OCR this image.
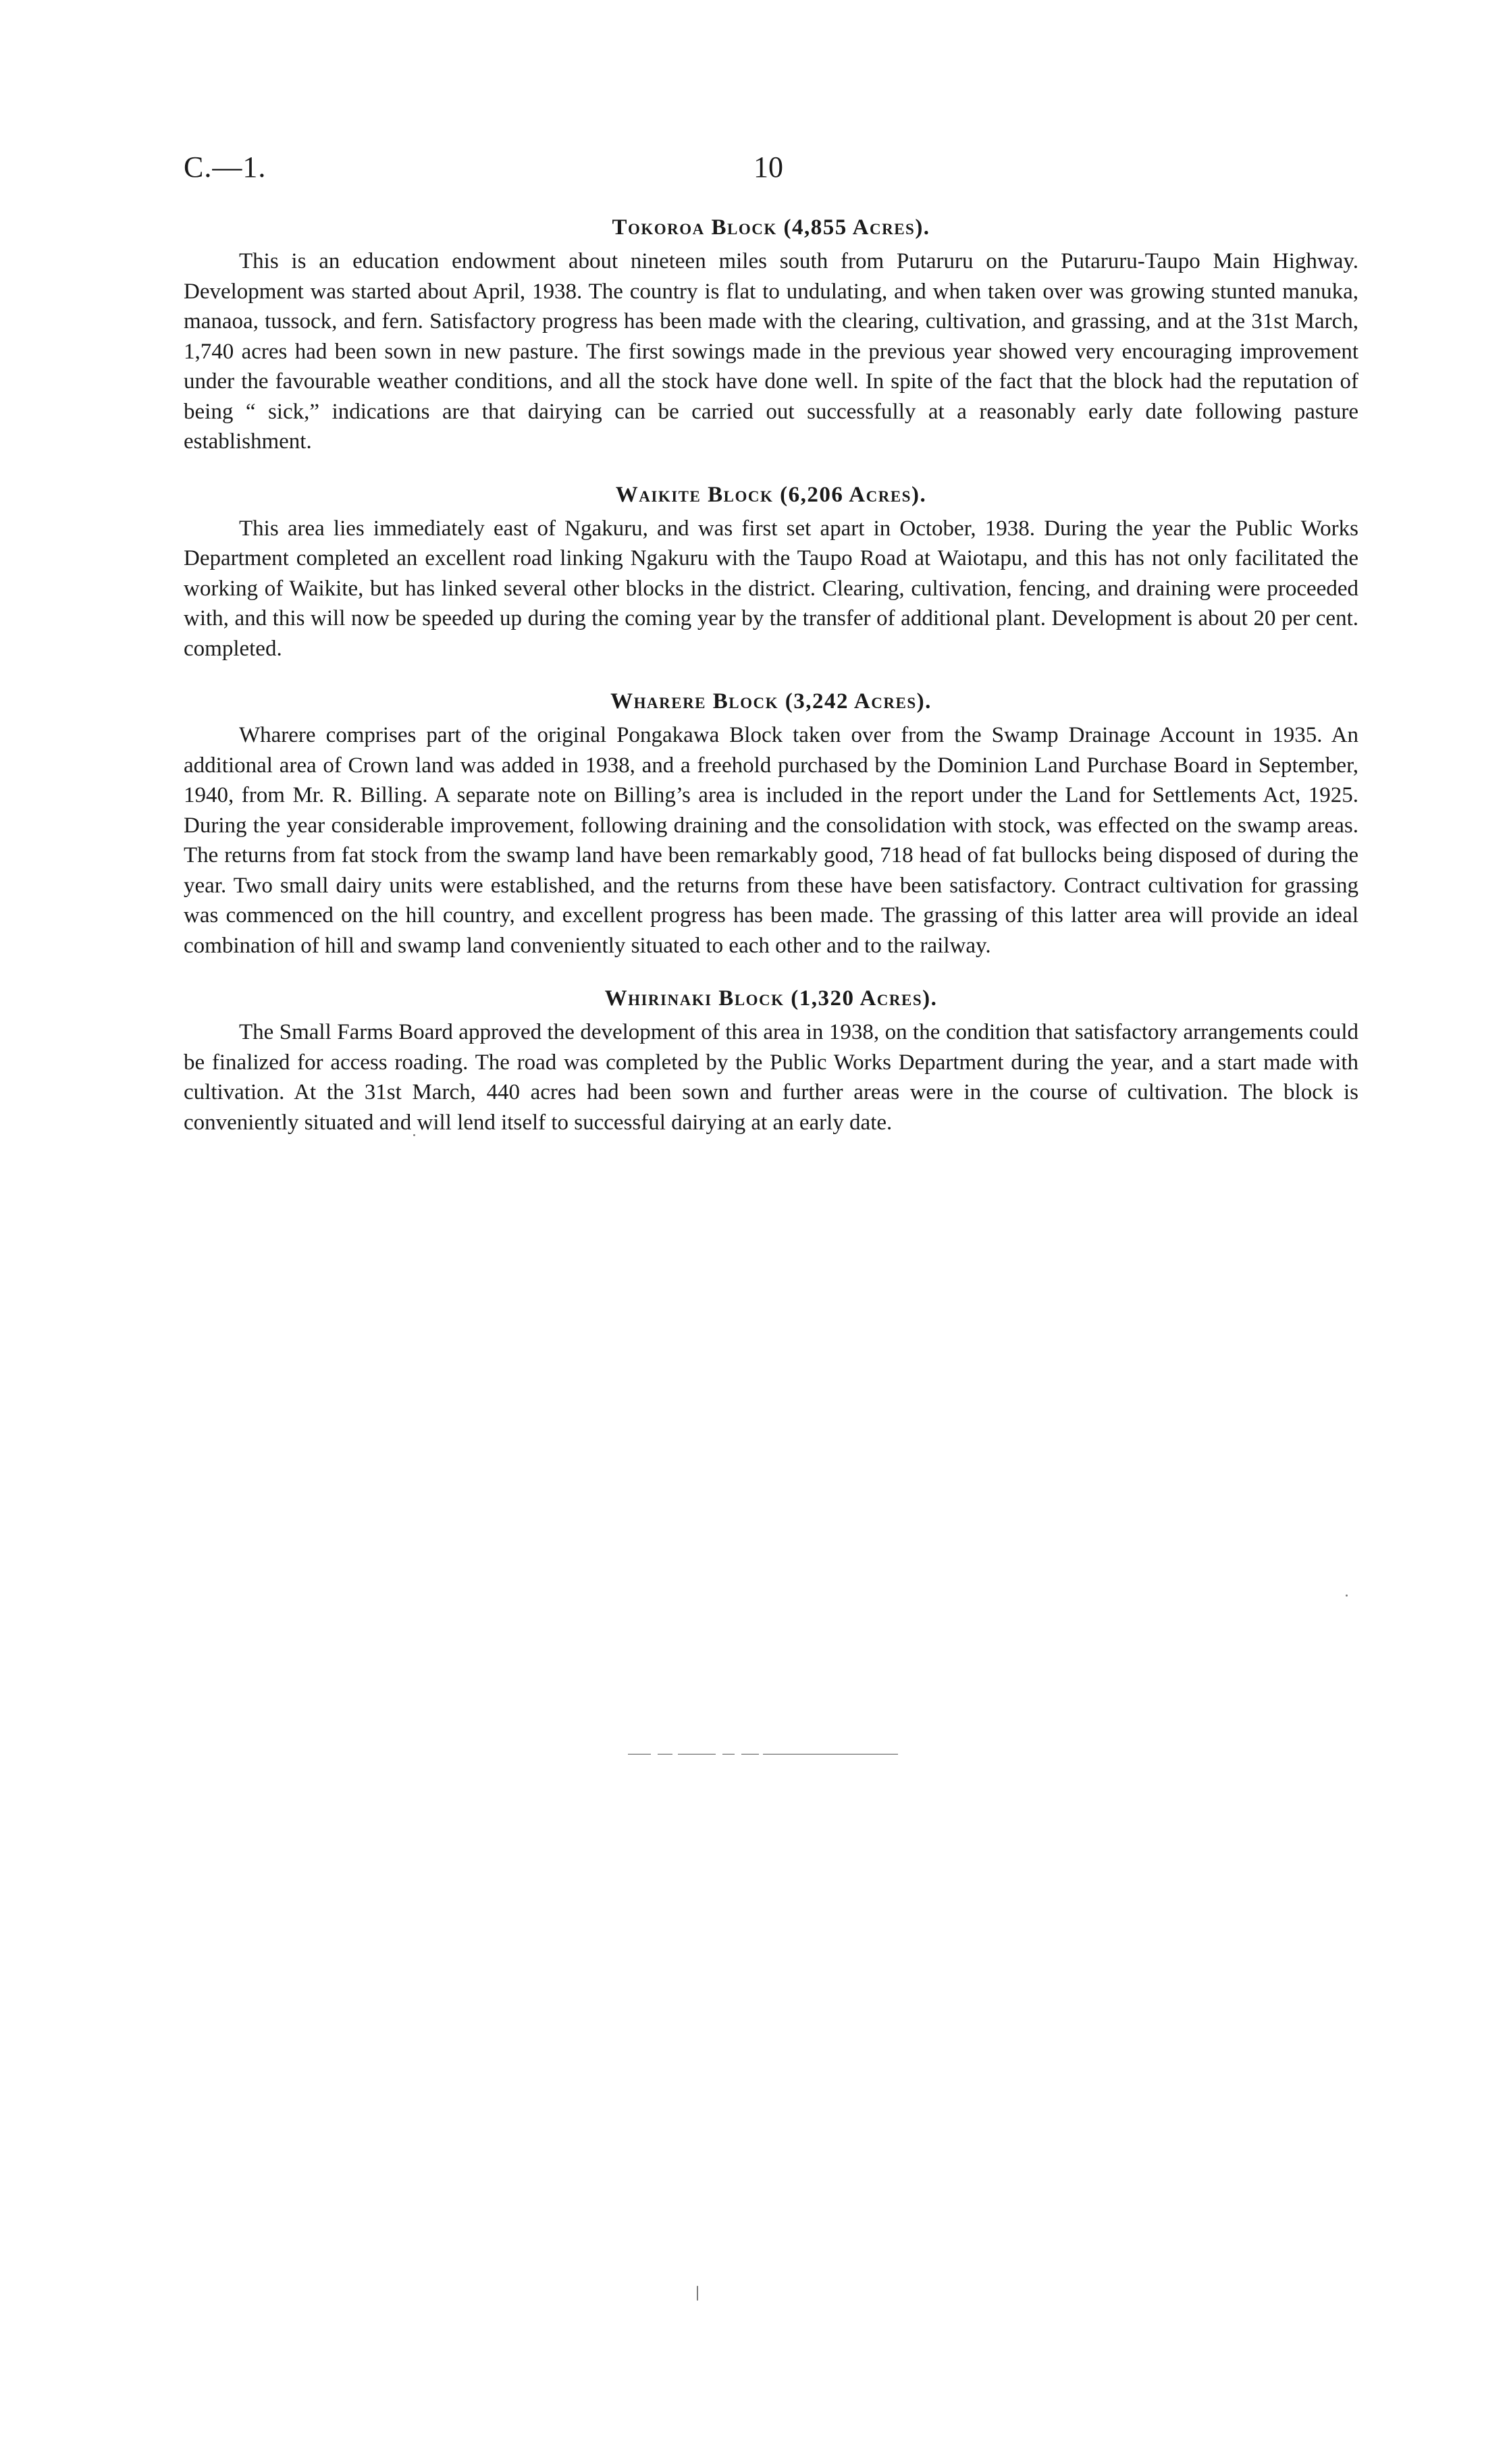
C.—1.	10
Tokoroa Block (4,855 Acres).

This is an education endowment about nineteen miles south from Putaruru on the Putaruru-Taupo Main Highway. Development was started about April, 1938. The country is flat to undulating, and when taken over was growing stunted manuka, manaoa, tussock, and fern. Satisfactory progress has been made with the clearing, cultivation, and grassing, and at the 31st March, 1,740 acres had been sown in new pasture. The first sowings made in the previous year showed very encouraging improvement under the favourable weather conditions, and all the stock have done well. In spite of the fact that the block had the reputation of being “ sick,” indications are that dairying can be carried out successfully at a reasonably early date following pasture establishment.

Waikite Block (6,206 Acres).

This area lies immediately east of Ngakuru, and was first set apart in October, 1938. During the year the Public Works Department completed an excellent road linking Ngakuru with the Taupo Road at Waiotapu, and this has not only facilitated the working of Waikite, but has linked several other blocks in the district. Clearing, cultivation, fencing, and draining were proceeded with, and this will now be speeded up during the coming year by the transfer of additional plant. Development is about 20 per cent. completed.

Wharere Block (3,242 Acres).

Wharere comprises part of the original Pongakawa Block taken over from the Swamp Drainage Account in 1935. An additional area of Crown land was added in 1938, and a freehold purchased by the Dominion Land Purchase Board in September, 1940, from Mr. R. Billing. A separate note on Billing’s area is included in the report under the Land for Settlements Act, 1925. During the year considerable improvement, following draining and the consolidation with stock, was effected on the swamp areas. The returns from fat stock from the swamp land have been remarkably good, 718 head of fat bullocks being disposed of during the year. Two small dairy units were established, and the returns from these have been satisfactory. Contract cultivation for grassing was commenced on the hill country, and excellent progress has been made. The grassing of this latter area will provide an ideal combination of hill and swamp land conveniently situated to each other and to the railway.

Whirinaki Block (1,320 Acres).

The Small Farms Board approved the development of this area in 1938, on the condition that satisfactory arrangements could be finalized for access roading. The road was completed by the Public Works Department during the year, and a start made with cultivation. At the 31st March, 440 acres had been sown and further areas were in the course of cultivation. The block is conveniently situated and will lend itself to successful dairying at an early date.
